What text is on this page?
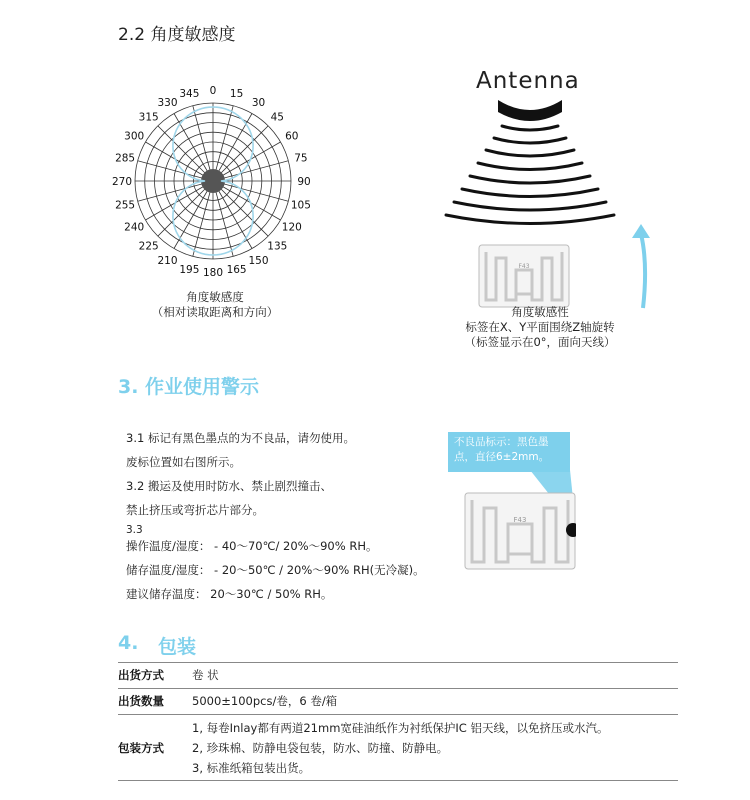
2.2 角度敏感度
0 15
30
45
60
75
90
105
120
135
150
165
180
195
210
225
240
255
270
285
300
315
330
345
角度敏感度
（相对读取距离和方向）
Antenna
F43
角度敏感性
标签在X、Y平面围绕Z轴旋转
（标签显示在0°，面向天线）
3. 作业使用警示
3.1 标记有黑色墨点的为不良品，请勿使用。
废标位置如右图所示。
3.2 搬运及使用时防水、禁止剧烈撞击、
禁止挤压或弯折芯片部分。
3.3
操作温度/湿度： - 40～70℃/ 20%～90% RH。
储存温度/湿度： - 20～50℃ / 20%～90% RH(无冷凝)。
建议储存温度： 20～30℃ / 50% RH。
不良品标示：黑色墨点，直径6±2mm。
F43
4. 包装
出货方式 卷 状
出货数量 5000±100pcs/卷，6 卷/箱
包装方式
1, 每卷Inlay都有两道21mm宽硅油纸作为衬纸保护IC 铝天线，以免挤压或水汽。
2, 珍珠棉、防静电袋包装，防水、防撞、防静电。
3, 标准纸箱包装出货。
